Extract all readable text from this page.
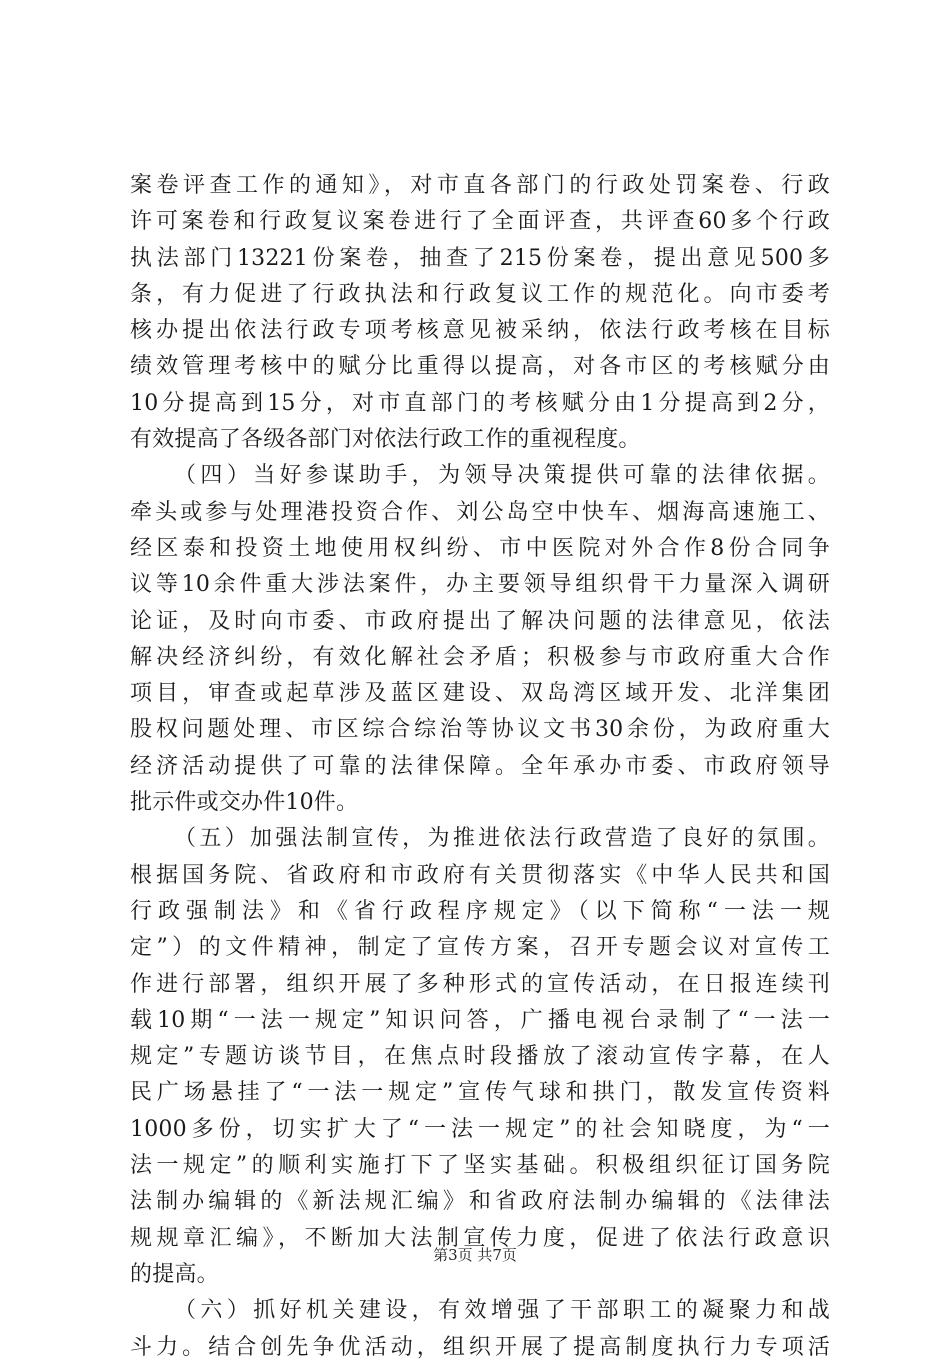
案卷评查工作的通知》，对市直各部门的行政处罚案卷、行政
许可案卷和行政复议案卷进行了全面评查，共评查60多个行政
执法部门13221份案卷，抽查了215份案卷，提出意见500多
条，有力促进了行政执法和行政复议工作的规范化。向市委考
核办提出依法行政专项考核意见被采纳，依法行政考核在目标
绩效管理考核中的赋分比重得以提高，对各市区的考核赋分由
10分提高到15分，对市直部门的考核赋分由1分提高到2分，
有效提高了各级各部门对依法行政工作的重视程度。
（四）当好参谋助手，为领导决策提供可靠的法律依据。
牵头或参与处理港投资合作、刘公岛空中快车、烟海高速施工、
经区泰和投资土地使用权纠纷、市中医院对外合作8份合同争
议等10余件重大涉法案件，办主要领导组织骨干力量深入调研
论证，及时向市委、市政府提出了解决问题的法律意见，依法
解决经济纠纷，有效化解社会矛盾；积极参与市政府重大合作
项目，审查或起草涉及蓝区建设、双岛湾区域开发、北洋集团
股权问题处理、市区综合综治等协议文书30余份，为政府重大
经济活动提供了可靠的法律保障。全年承办市委、市政府领导
批示件或交办件10件。
（五）加强法制宣传，为推进依法行政营造了良好的氛围。
根据国务院、省政府和市政府有关贯彻落实《中华人民共和国
行政强制法》和《省行政程序规定》（以下简称“一法一规
定”）的文件精神，制定了宣传方案，召开专题会议对宣传工
作进行部署，组织开展了多种形式的宣传活动，在日报连续刊
载10期“一法一规定”知识问答，广播电视台录制了“一法一
规定”专题访谈节目，在焦点时段播放了滚动宣传字幕，在人
民广场悬挂了“一法一规定”宣传气球和拱门，散发宣传资料
1000多份，切实扩大了“一法一规定”的社会知晓度，为“一
法一规定”的顺利实施打下了坚实基础。积极组织征订国务院
法制办编辑的《新法规汇编》和省政府法制办编辑的《法律法
规规章汇编》，不断加大法制宣传力度，促进了依法行政意识
的提高。
（六）抓好机关建设，有效增强了干部职工的凝聚力和战
斗力。结合创先争优活动，组织开展了提高制度执行力专项活
第3页 共7页
